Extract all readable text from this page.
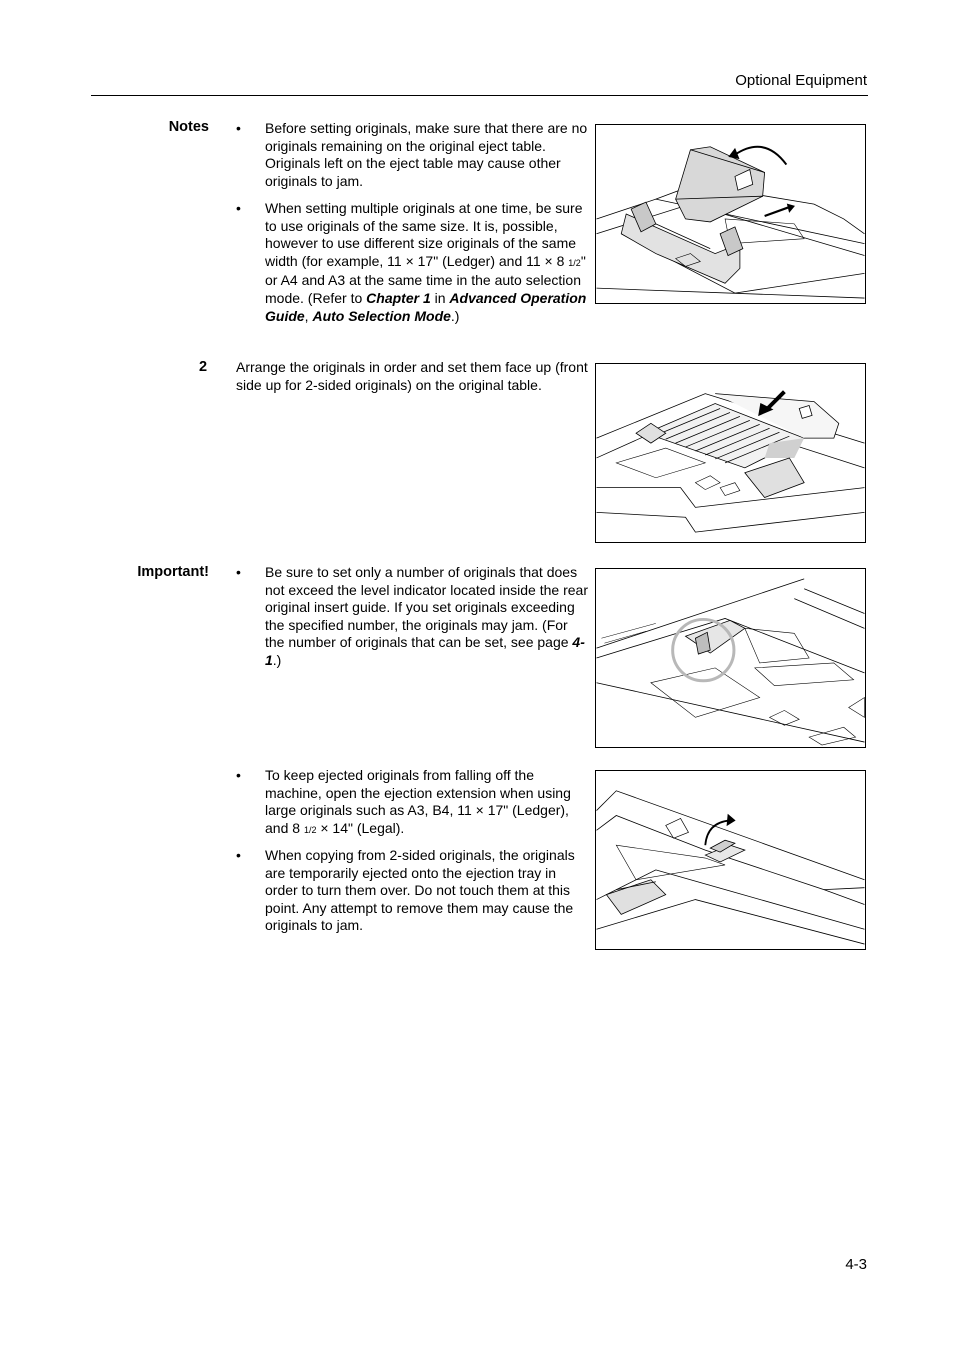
Optional Equipment
Notes • Before setting originals, make sure that there are no originals remaining on the original eject table. Originals left on the eject table may cause other originals to jam.
• When setting multiple originals at one time, be sure to use originals of the same size. It is, possible, however to use different size originals of the same width (for example, 11 × 17" (Ledger) and 11 × 8 1/2" or A4 and A3 at the same time in the auto selection mode. (Refer to Chapter 1 in Advanced Operation Guide, Auto Selection Mode.)
2 Arrange the originals in order and set them face up (front side up for 2-sided originals) on the original table.
Important! • Be sure to set only a number of originals that does not exceed the level indicator located inside the rear original insert guide. If you set originals exceeding the specified number, the originals may jam. (For the number of originals that can be set, see page 4-1.)
• To keep ejected originals from falling off the machine, open the ejection extension when using large originals such as A3, B4, 11 × 17" (Ledger), and 8 1/2 × 14" (Legal).
• When copying from 2-sided originals, the originals are temporarily ejected onto the ejection tray in order to turn them over. Do not touch them at this point. Any attempt to remove them may cause the originals to jam.
4-3
